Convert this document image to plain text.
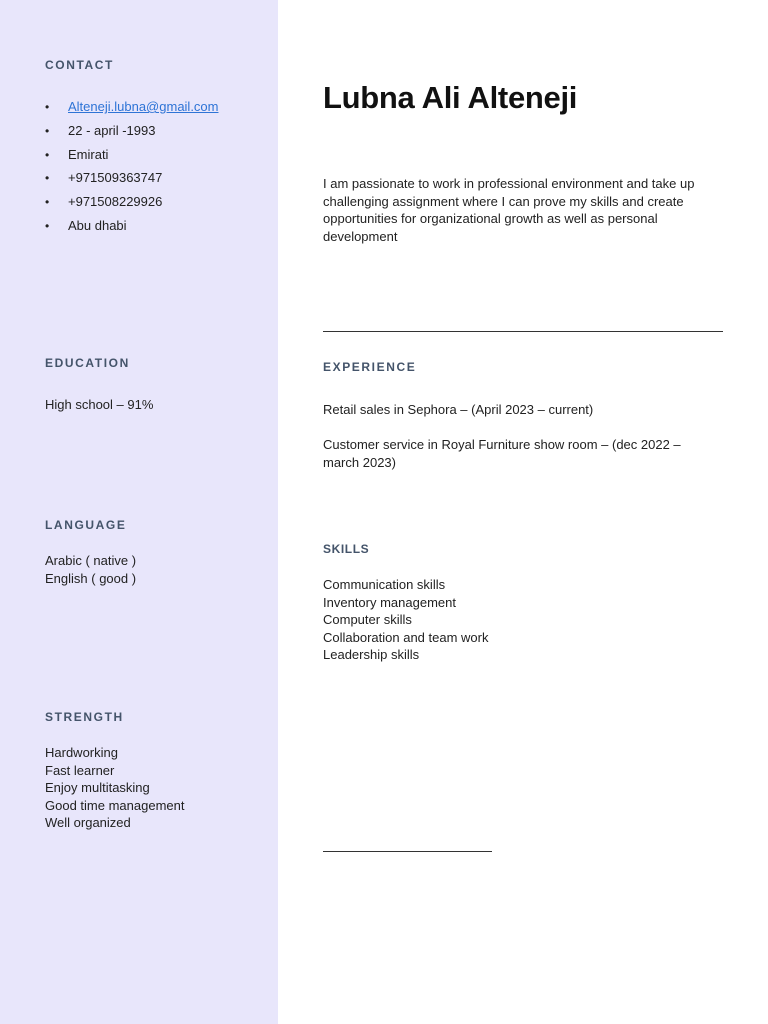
CONTACT
• Alteneji.lubna@gmail.com
• 22 - april -1993
• Emirati
• +971509363747
• +971508229926
• Abu dhabi
EDUCATION
High school – 91%
LANGUAGE
Arabic ( native )
English ( good )
STRENGTH
Hardworking
Fast learner
Enjoy multitasking
Good time management
Well organized
Lubna Ali Alteneji

I am passionate to work in professional environment and take up challenging assignment where I can prove my skills and create opportunities for organizational growth as well as personal development

EXPERIENCE

Retail sales in Sephora – (April 2023 – current)

Customer service in Royal Furniture show room – (dec 2022 – march 2023)

SKILLS
Communication skills
Inventory management
Computer skills
Collaboration and team work
Leadership skills
